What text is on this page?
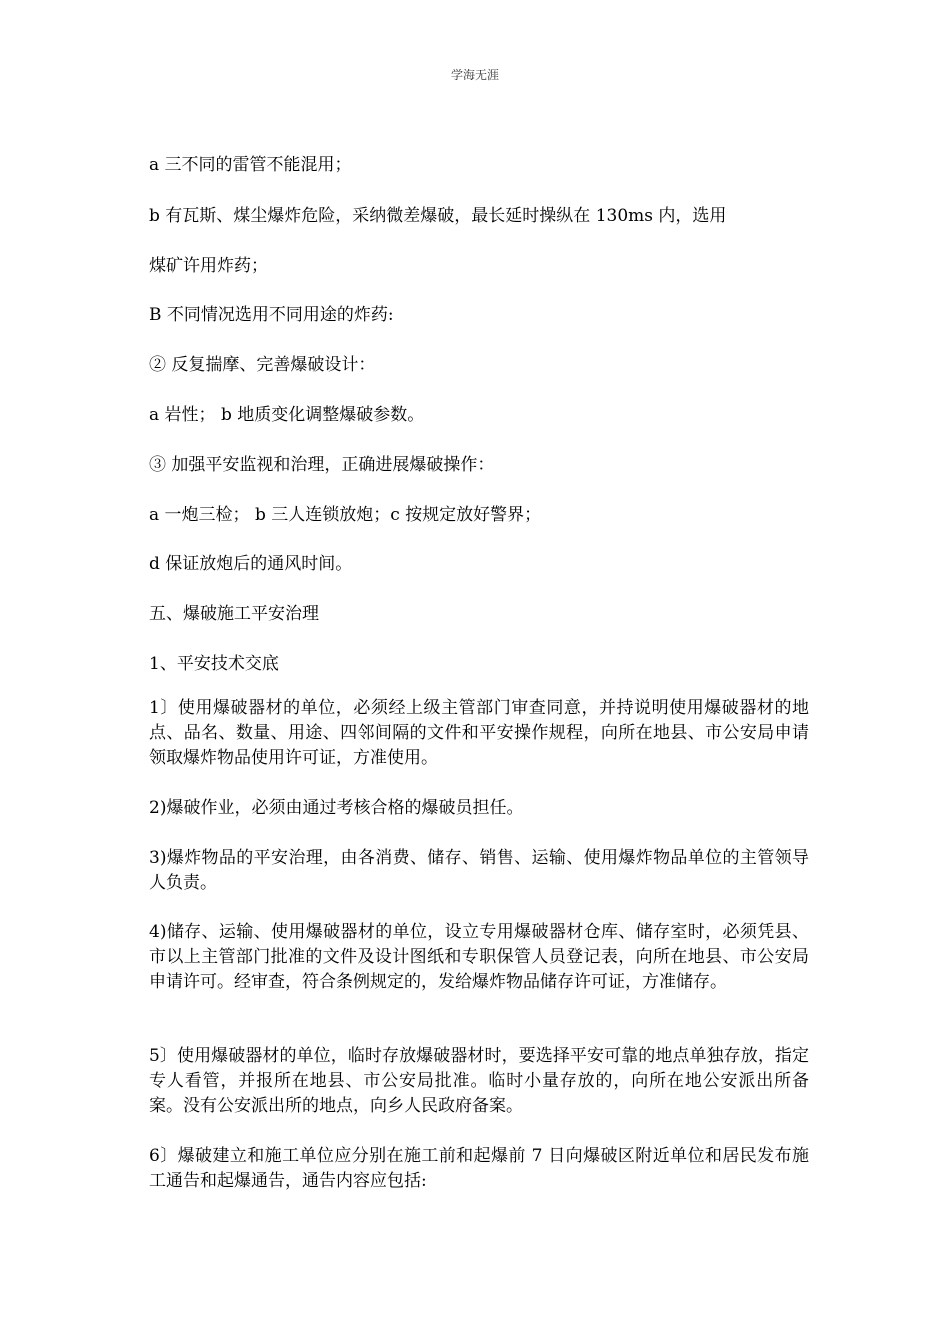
学海无涯
a 三不同的雷管不能混用；
b 有瓦斯、煤尘爆炸危险，采纳微差爆破，最长延时操纵在 130ms 内，选用
煤矿许用炸药；
B 不同情况选用不同用途的炸药:
② 反复揣摩、完善爆破设计：
a 岩性； b 地质变化调整爆破参数。
③ 加强平安监视和治理，正确进展爆破操作：
a 一炮三检； b 三人连锁放炮；c 按规定放好警界；
d 保证放炮后的通风时间。
五、爆破施工平安治理
1、平安技术交底
1〕使用爆破器材的单位，必须经上级主管部门审查同意，并持说明使用爆破器材的地点、品名、数量、用途、四邻间隔的文件和平安操作规程，向所在地县、市公安局申请领取爆炸物品使用许可证，方准使用。
2)爆破作业，必须由通过考核合格的爆破员担任。
3)爆炸物品的平安治理，由各消费、储存、销售、运输、使用爆炸物品单位的主管领导人负责。
4)储存、运输、使用爆破器材的单位，设立专用爆破器材仓库、储存室时，必须凭县、市以上主管部门批准的文件及设计图纸和专职保管人员登记表，向所在地县、市公安局申请许可。经审查，符合条例规定的，发给爆炸物品储存许可证，方准储存。
5〕使用爆破器材的单位，临时存放爆破器材时，要选择平安可靠的地点单独存放，指定专人看管，并报所在地县、市公安局批准。临时小量存放的，向所在地公安派出所备案。没有公安派出所的地点，向乡人民政府备案。
6〕爆破建立和施工单位应分别在施工前和起爆前 7 日向爆破区附近单位和居民发布施工通告和起爆通告，通告内容应包括:
